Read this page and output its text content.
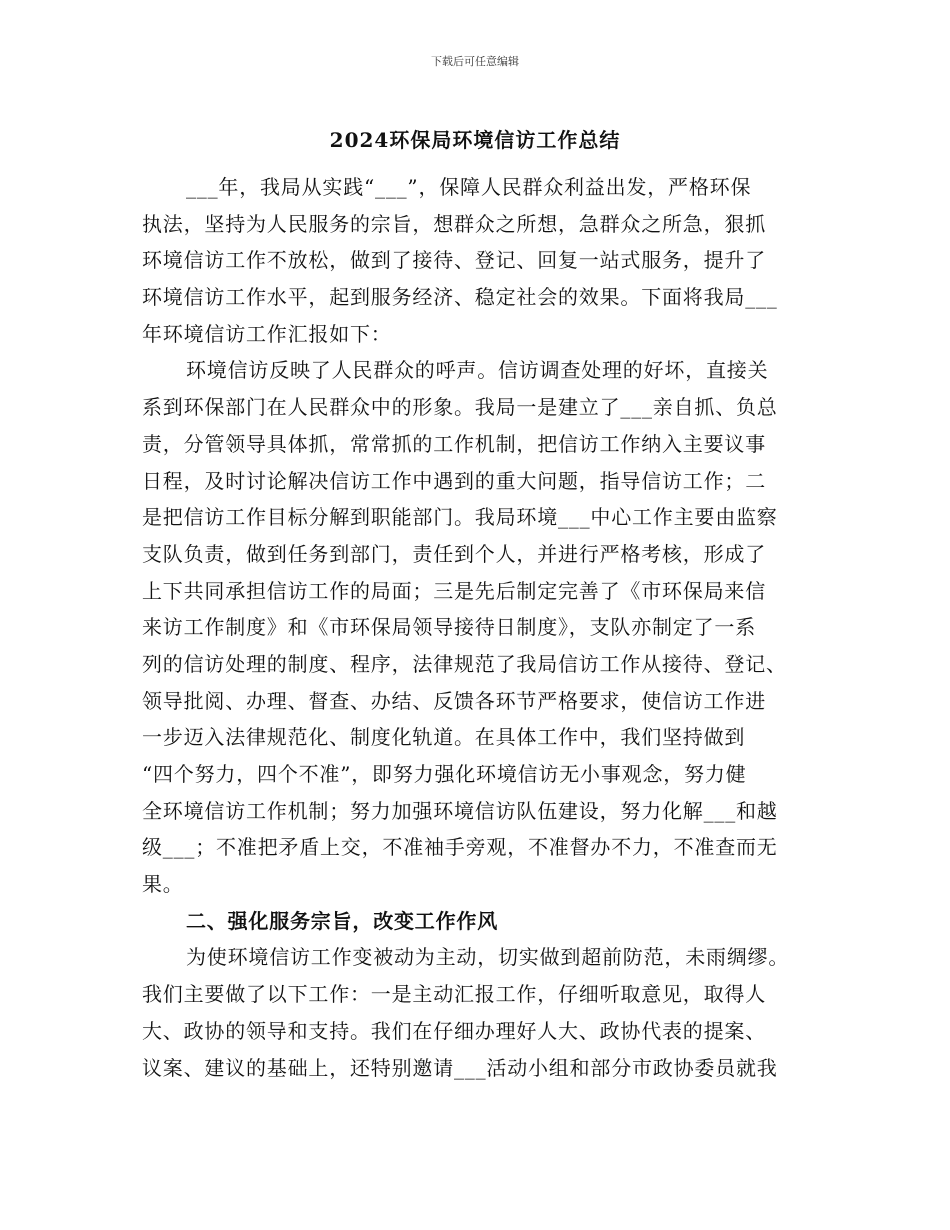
下载后可任意编辑
2024环保局环境信访工作总结
___年，我局从实践“___”，保障人民群众利益出发，严格环保
执法，坚持为人民服务的宗旨，想群众之所想，急群众之所急，狠抓
环境信访工作不放松，做到了接待、登记、回复一站式服务，提升了
环境信访工作水平，起到服务经济、稳定社会的效果。下面将我局___
年环境信访工作汇报如下：
环境信访反映了人民群众的呼声。信访调查处理的好坏，直接关
系到环保部门在人民群众中的形象。我局一是建立了___亲自抓、负总
责，分管领导具体抓，常常抓的工作机制，把信访工作纳入主要议事
日程，及时讨论解决信访工作中遇到的重大问题，指导信访工作；二
是把信访工作目标分解到职能部门。我局环境___中心工作主要由监察
支队负责，做到任务到部门，责任到个人，并进行严格考核，形成了
上下共同承担信访工作的局面；三是先后制定完善了《市环保局来信
来访工作制度》和《市环保局领导接待日制度》，支队亦制定了一系
列的信访处理的制度、程序，法律规范了我局信访工作从接待、登记、
领导批阅、办理、督查、办结、反馈各环节严格要求，使信访工作进
一步迈入法律规范化、制度化轨道。在具体工作中，我们坚持做到
“四个努力，四个不准”，即努力强化环境信访无小事观念，努力健
全环境信访工作机制；努力加强环境信访队伍建设，努力化解___和越
级___；不准把矛盾上交，不准袖手旁观，不准督办不力，不准查而无
果。
二、强化服务宗旨，改变工作作风
为使环境信访工作变被动为主动，切实做到超前防范，未雨绸缪。
我们主要做了以下工作：一是主动汇报工作，仔细听取意见，取得人
大、政协的领导和支持。我们在仔细办理好人大、政协代表的提案、
议案、建议的基础上，还特别邀请___活动小组和部分市政协委员就我
